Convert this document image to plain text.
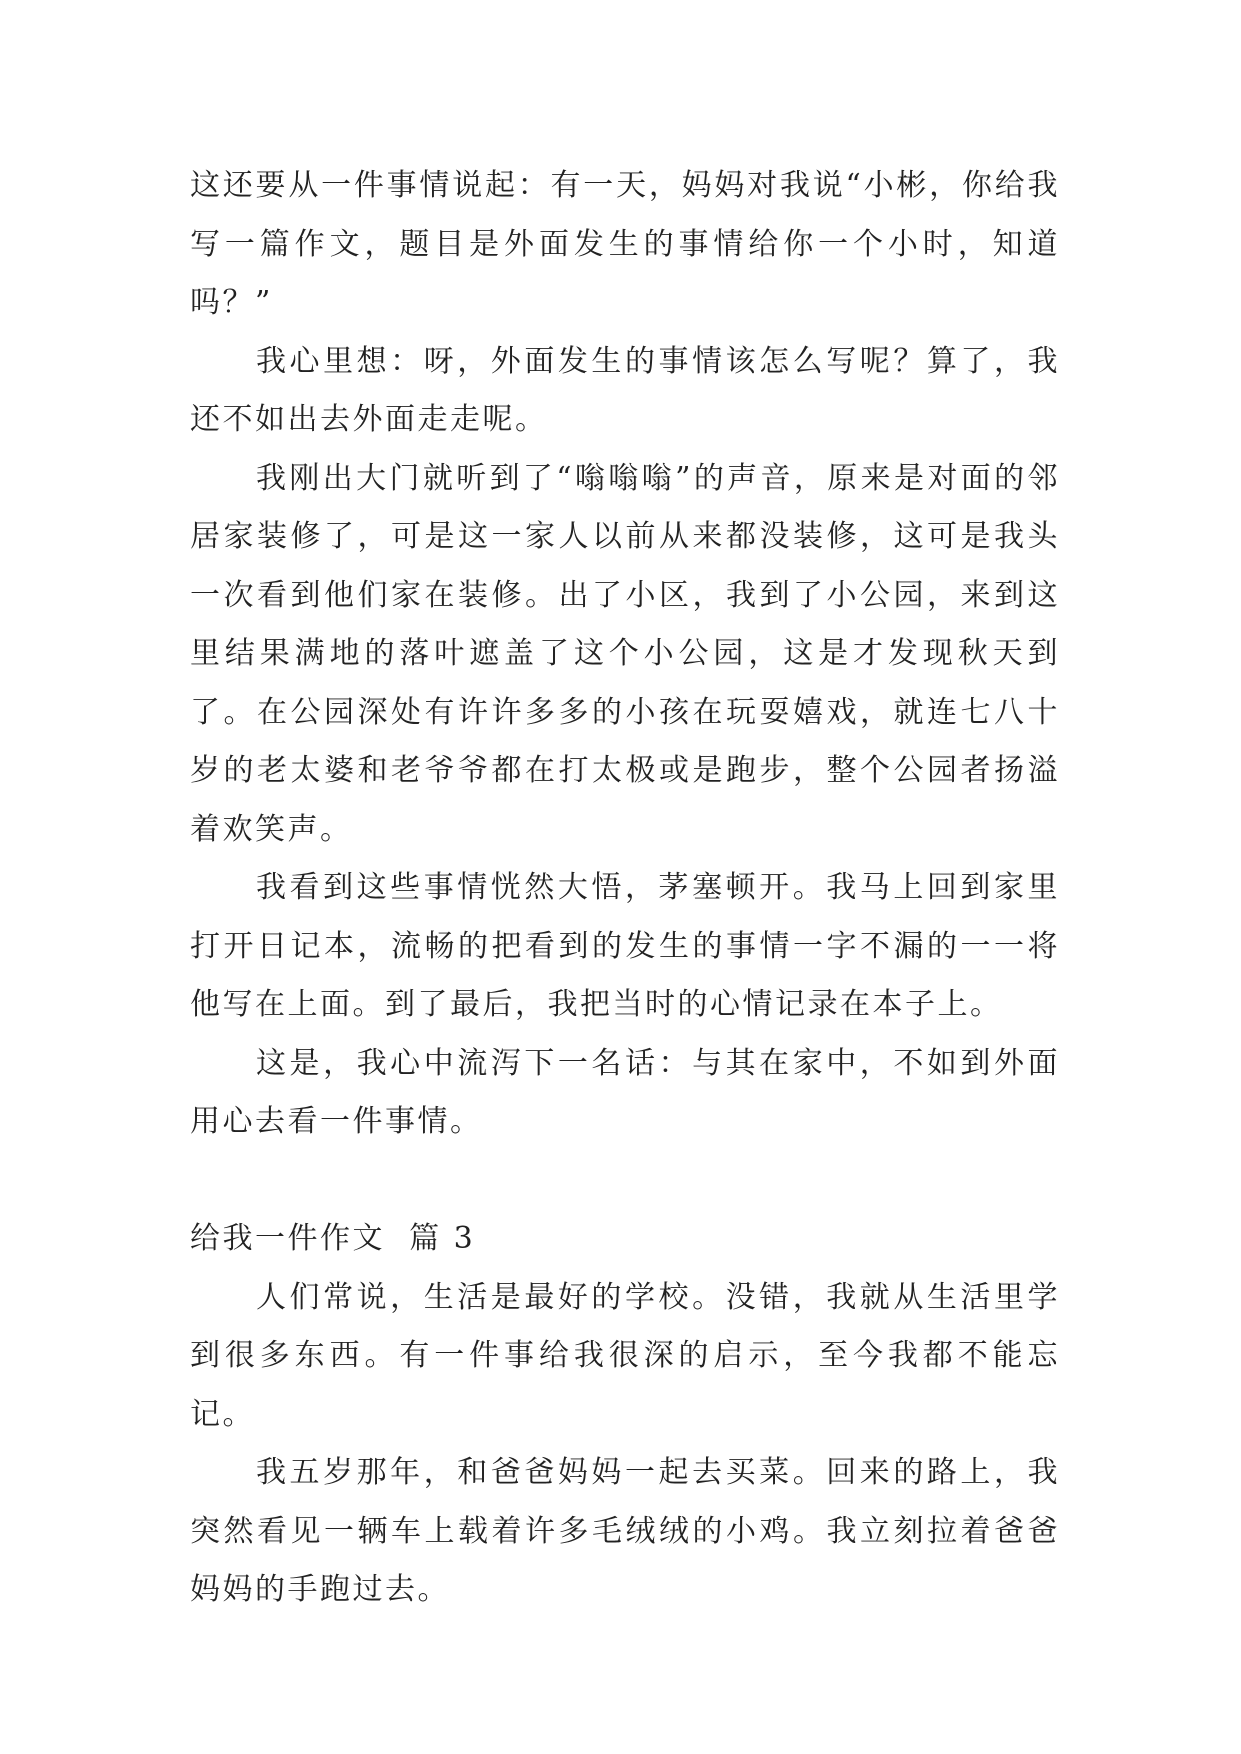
这还要从一件事情说起：有一天，妈妈对我说“小彬，你给我写一篇作文，题目是外面发生的事情给你一个小时，知道吗？”

我心里想：呀，外面发生的事情该怎么写呢？算了，我还不如出去外面走走呢。

我刚出大门就听到了“嗡嗡嗡”的声音，原来是对面的邻居家装修了，可是这一家人以前从来都没装修，这可是我头一次看到他们家在装修。出了小区，我到了小公园，来到这里结果满地的落叶遮盖了这个小公园，这是才发现秋天到了。在公园深处有许许多多的小孩在玩耍嬉戏，就连七八十岁的老太婆和老爷爷都在打太极或是跑步，整个公园者扬溢着欢笑声。

我看到这些事情恍然大悟，茅塞顿开。我马上回到家里打开日记本，流畅的把看到的发生的事情一字不漏的一一将他写在上面。到了最后，我把当时的心情记录在本子上。

这是，我心中流泻下一名话：与其在家中，不如到外面用心去看一件事情。

给我一件作文  篇 3

人们常说，生活是最好的学校。没错，我就从生活里学到很多东西。有一件事给我很深的启示，至今我都不能忘记。

我五岁那年，和爸爸妈妈一起去买菜。回来的路上，我突然看见一辆车上载着许多毛绒绒的小鸡。我立刻拉着爸爸妈妈的手跑过去。
